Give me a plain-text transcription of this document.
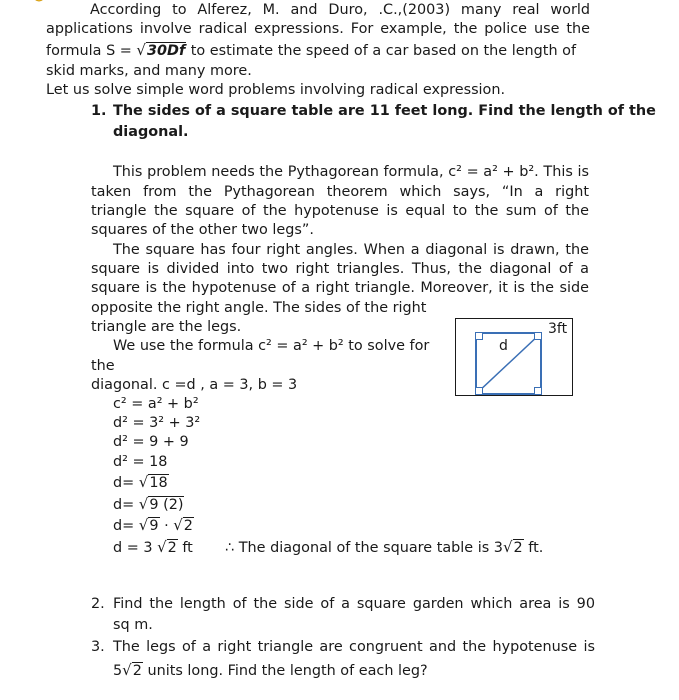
According to Alferez, M. and Duro, .C.,(2003) many real world
applications involve radical expressions. For example, the police use the
formula S = √30Df to estimate the speed of a car based on the length of
skid marks, and many more.
Let us solve simple word problems involving radical expression.
1. The sides of a square table are 11 feet long. Find the length of the
diagonal.
This problem needs the Pythagorean formula, c² = a² + b². This is
taken from the Pythagorean theorem which says, “In a right
triangle the square of the hypotenuse is equal to the sum of the
squares of the other two legs”.
The square has four right angles. When a diagonal is drawn, the
square is divided into two right triangles. Thus, the diagonal of a
square is the hypotenuse of a right triangle. Moreover, it is the side
opposite the right angle. The sides of the right
triangle are the legs.
We use the formula c² = a² + b² to solve for
the
diagonal. c =d , a = 3, b = 3
d
3ft
c² = a² + b²
d² = 3² + 3²
d² = 9 + 9
d² = 18
d= √18
d= √9 (2)
d= √9 · √2
d = 3 √2 ft ∴ The diagonal of the square table is 3√2 ft.
2. Find the length of the side of a square garden which area is 90
sq m.
3. The legs of a right triangle are congruent and the hypotenuse is
5√2 units long. Find the length of each leg?
